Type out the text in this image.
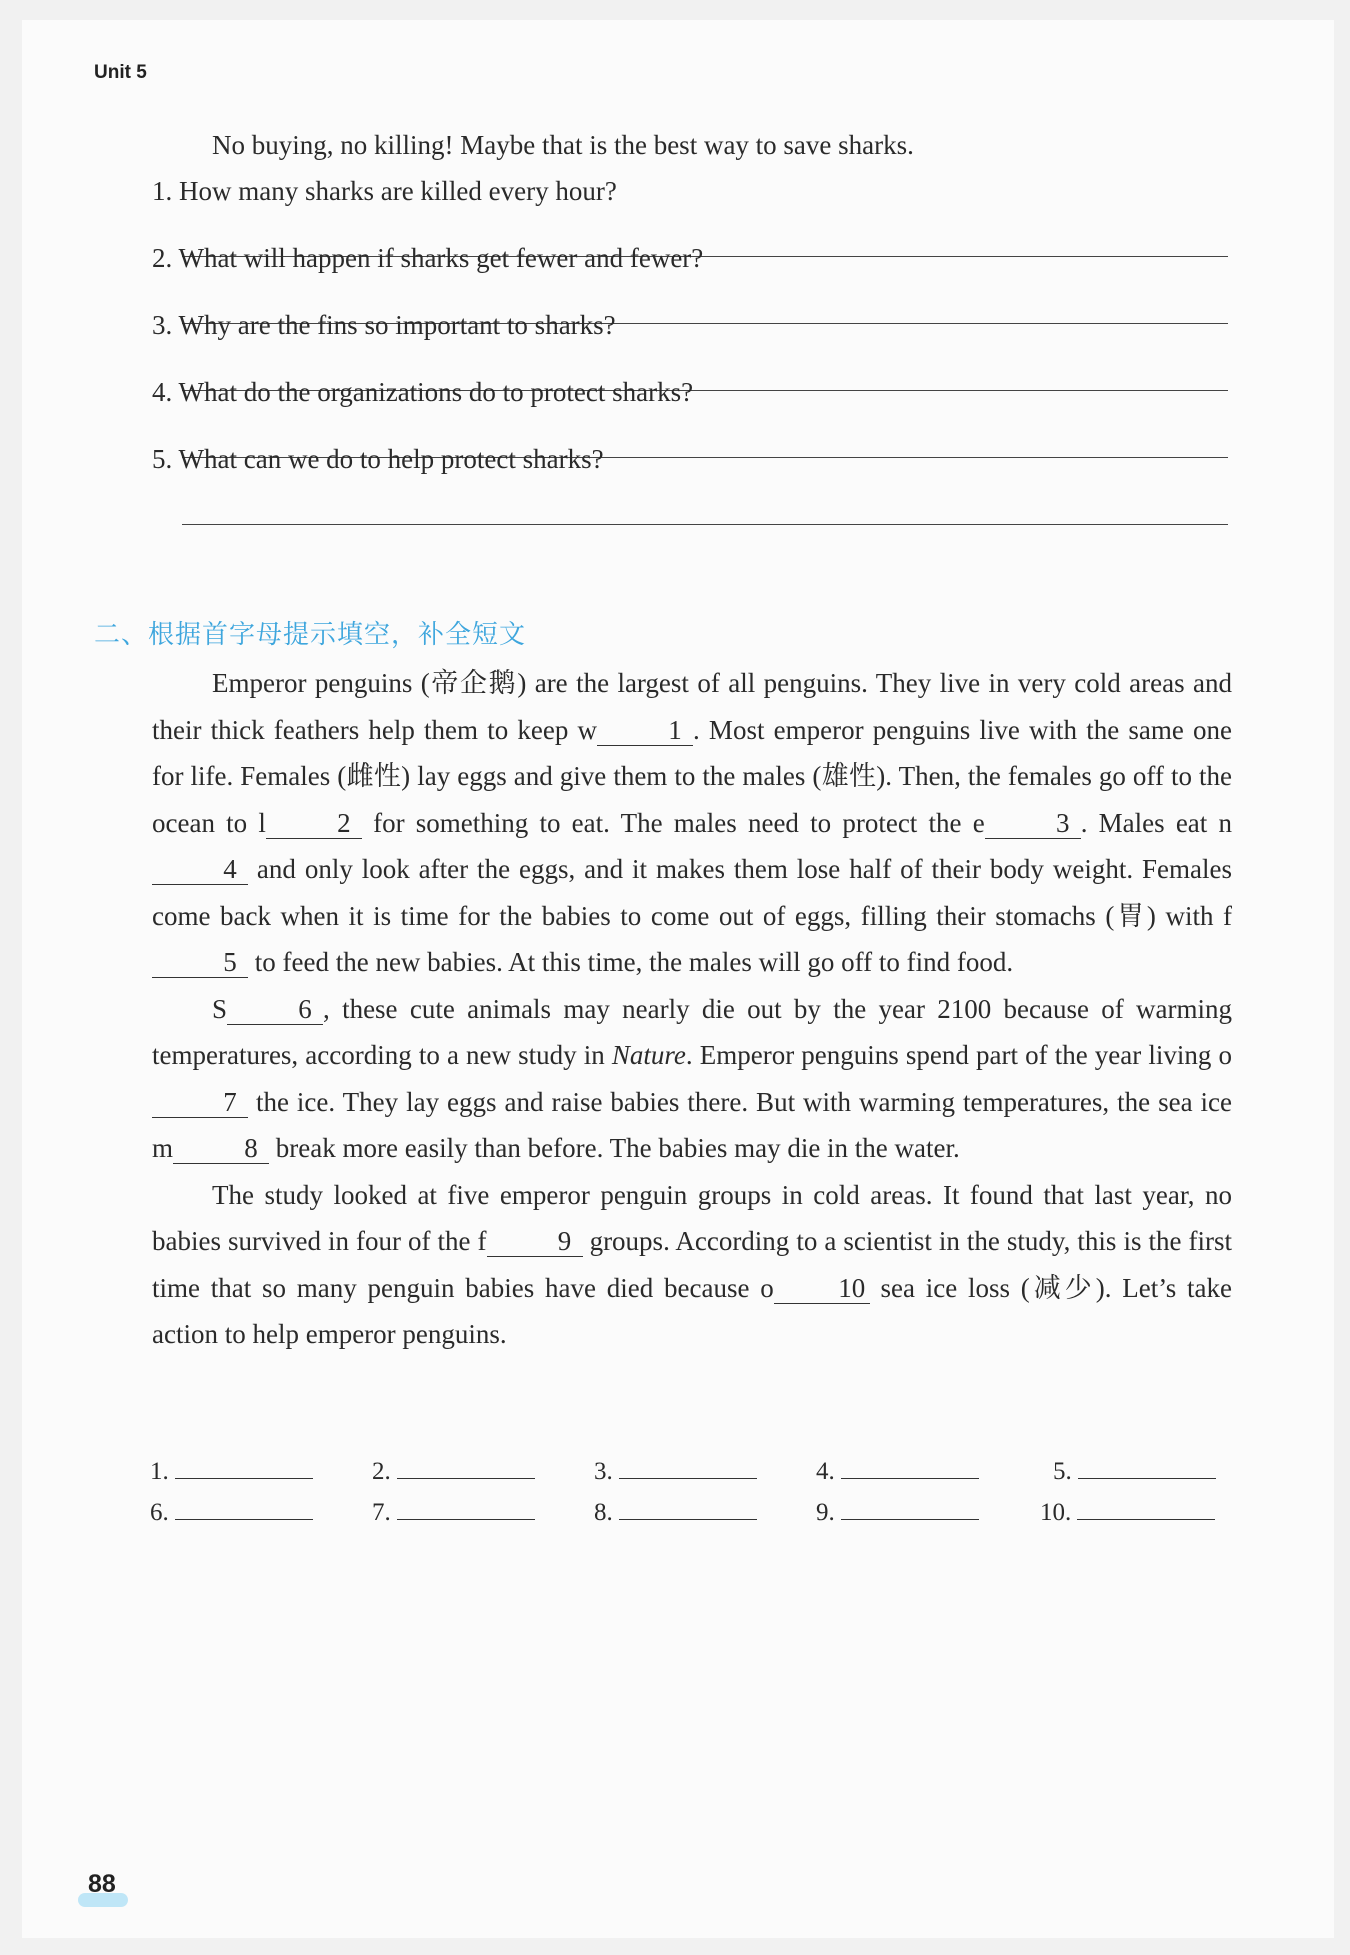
Unit 5
No buying, no killing! Maybe that is the best way to save sharks.
1. How many sharks are killed every hour?
2. What will happen if sharks get fewer and fewer?
3. Why are the fins so important to sharks?
4. What do the organizations do to protect sharks?
5. What can we do to help protect sharks?
二、根据首字母提示填空，补全短文

Emperor penguins (帝企鹅) are the largest of all penguins. They live in very cold areas and their thick feathers help them to keep w	1 . Most emperor penguins live with the same one for life. Females (雌性) lay eggs and give them to the males (雄性). Then, the females go off to the ocean to l	2 for something to eat. The males need to protect the e	3 . Males eat n4 and only look after the eggs, and it makes them lose half of their body weight. Females come back when it is time for the babies to come out of eggs, filling their stomachs (胃) with f5 to feed the new babies. At this time, the males will go off to find food.

S	6 , these cute animals may nearly die out by the year 2100 because of warming temperatures, according to a new study in Nature. Emperor penguins spend part of the year living o7 the ice. They lay eggs and raise babies there. But with warming temperatures, the sea ice m	8 break more easily than before. The babies may die in the water.

The study looked at five emperor penguin groups in cold areas. It found that last year, no babies survived in four of the f	9 groups. According to a scientist in the study, this is the first time that so many penguin babies have died because o 10 sea ice loss (减少). Let’s take action to help emperor penguins.

1.	2.	3.	4.	5.
6.	7.	8.	9.	10.
88
